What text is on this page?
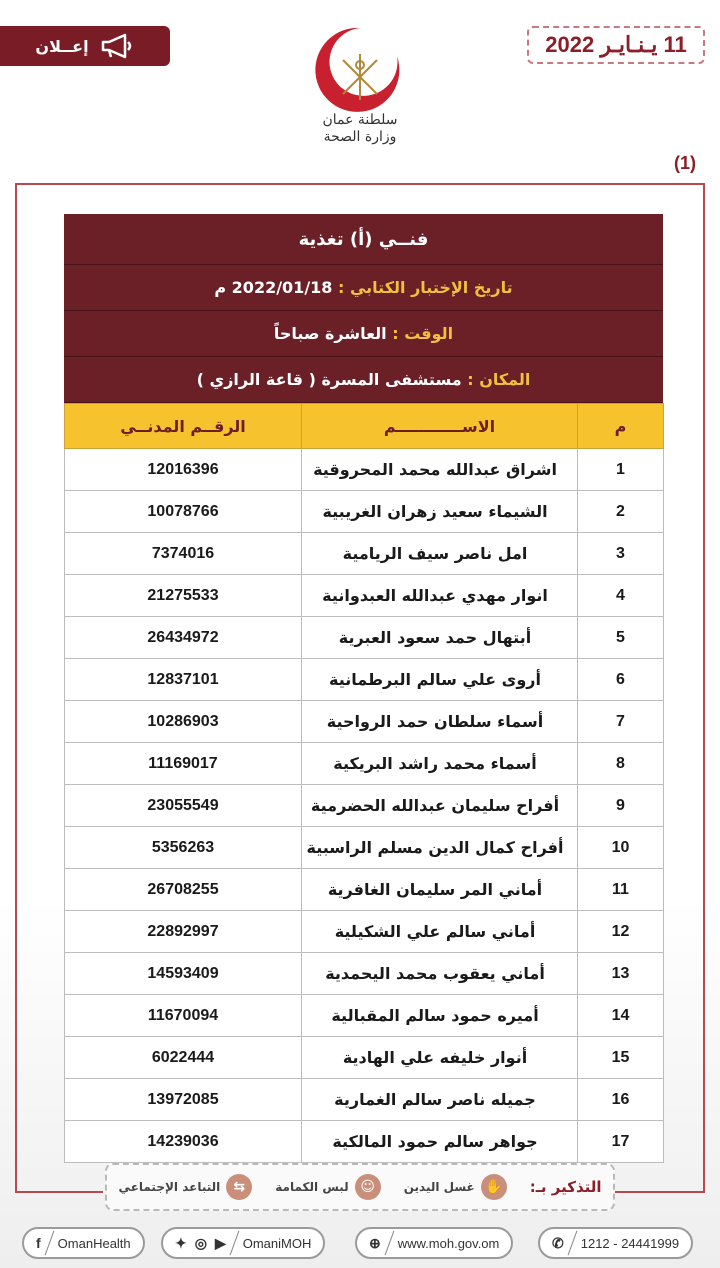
إعــلان	11 يـنـايـر 2022
سلطنة عمان
وزارة الصحة
(1)
فنــي (أ) تغذية
تاريخ الإختبار الكتابي :

2022/01/18 م
الوقت :

العاشرة صباحاً
المكان :

مستشفى المسرة ( قاعة الرازي )
م	الاســــــــــــم	الرقــم المدنــي
1	اشراق عبدالله محمد المحروقية	12016396
2	الشيماء سعيد زهران الغريبية	10078766
3	امل ناصر سيف الريامية	7374016
4	انوار مهدي عبدالله العبدوانية	21275533
5	أبتهال حمد سعود العبرية	26434972
6	أروى علي سالم البرطمانية	12837101
7	أسماء سلطان حمد الرواحية	10286903
8	أسماء محمد راشد البريكية	11169017
9	أفراح سليمان عبدالله الحضرمية	23055549
10	أفراح كمال الدين مسلم الراسبية	5356263
11	أماني المر سليمان الغافرية	26708255
12	أماني سالم علي الشكيلية	22892997
13	أماني يعقوب محمد اليحمدية	14593409
14	أميره حمود سالم المقبالية	11670094
15	أنوار خليفه علي الهادية	6022444
16	جميله ناصر سالم الغمارية	13972085
17	جواهر سالم حمود المالكية	14239036
التذكير بـ:
✋
غسل اليدين
☺
لبس الكمامة
⇆
التباعد الإجتماعي
f OmanHealth	✦ ◎ ▶ OmaniMOH	⊕ www.moh.gov.om	✆ 1212 - 24441999
